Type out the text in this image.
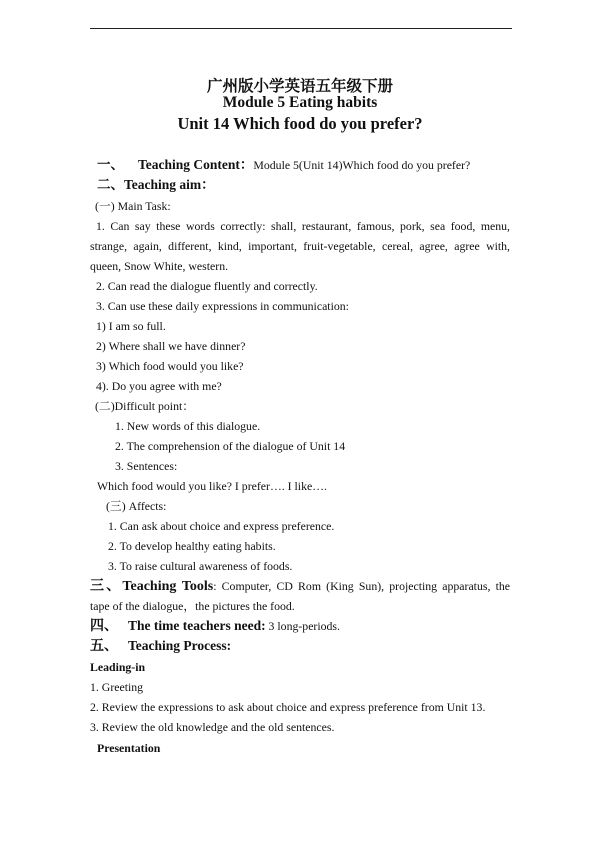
广州版小学英语五年级下册
Module 5 Eating habits
Unit 14 Which food do you prefer?
一、 Teaching Content：Module 5(Unit 14)Which food do you prefer?
二、Teaching aim：
(一) Main Task:
1. Can say these words correctly: shall, restaurant, famous, pork, sea food, menu,
strange, again, different, kind, important, fruit-vegetable, cereal, agree, agree with,
queen, Snow White, western.
2. Can read the dialogue fluently and correctly.
3. Can use these daily expressions in communication:
1) I am so full.
2) Where shall we have dinner?
3) Which food would you like?
4). Do you agree with me?
(二)Difficult point：
1. New words of this dialogue.
2. The comprehension of the dialogue of Unit 14
3. Sentences:
Which food would you like? I prefer…. I like….
(三) Affects:
1. Can ask about choice and express preference.
2. To develop healthy eating habits.
3. To raise cultural awareness of foods.
三、Teaching Tools: Computer, CD Rom (King Sun), projecting apparatus, the
tape of the dialogue，the pictures the food.
四、 The time teachers need: 3 long-periods.
五、 Teaching Process:
Leading-in
1. Greeting
2. Review the expressions to ask about choice and express preference from Unit 13.
3. Review the old knowledge and the old sentences.
Presentation
